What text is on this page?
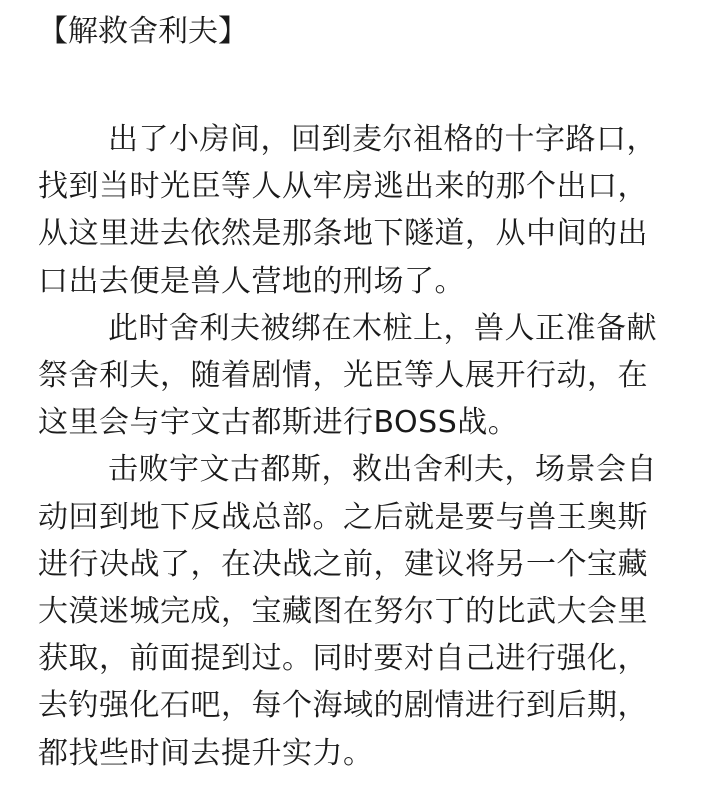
【解救舍利夫】

出了小房间，回到麦尔祖格的十字路口，
找到当时光臣等人从牢房逃出来的那个出口，
从这里进去依然是那条地下隧道，从中间的出
口出去便是兽人营地的刑场了。

此时舍利夫被绑在木桩上，兽人正准备献
祭舍利夫，随着剧情，光臣等人展开行动，在
这里会与宇文古都斯进行BOSS战。

击败宇文古都斯，救出舍利夫，场景会自
动回到地下反战总部。之后就是要与兽王奥斯
进行决战了，在决战之前，建议将另一个宝藏
大漠迷城完成，宝藏图在努尔丁的比武大会里
获取，前面提到过。同时要对自己进行强化，
去钓强化石吧，每个海域的剧情进行到后期，
都找些时间去提升实力。
